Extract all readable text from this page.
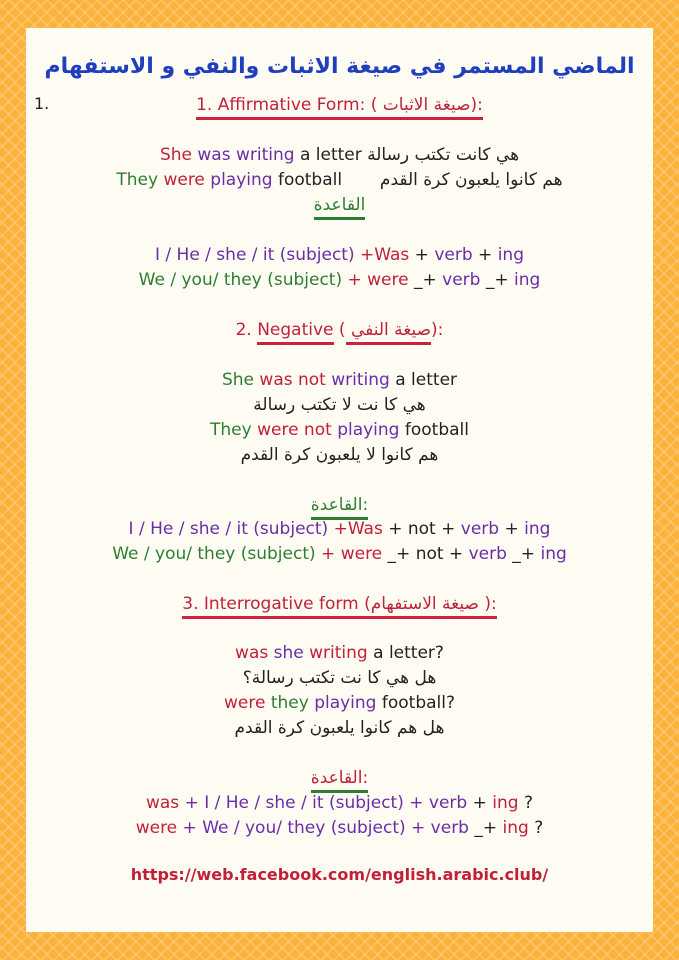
الماضي المستمر في صيغة الاثبات والنفي و الاستفهام
1.	1. Affirmative Form: ( صيغة الاثبات):
She was writing a letter هي كانت تكتب رسالة
They were playing football هم كانوا يلعبون كرة القدم
القاعدة
I / He / she / it (subject) +Was + verb + ing
We / you/ they (subject) + were _+ verb _+ ing
2. Negative ( صيغة النفي):
She was not writing a letter
هي كا نت لا تكتب رسالة
They were not playing football
هم كانوا لا يلعبون كرة القدم
القاعدة:
I / He / she / it (subject) +Was + not + verb + ing
We / you/ they (subject) + were _+ not + verb _+ ing
3. Interrogative form (صيغة الاستفهام ):
was she writing a letter?
هل هي كا نت تكتب رسالة؟
were they playing football?
هل هم كانوا يلعبون كرة القدم
القاعدة:
was + I / He / she / it (subject) + verb + ing ?
were + We / you/ they (subject) + verb _+ ing ?
https://web.facebook.com/english.arabic.club/
